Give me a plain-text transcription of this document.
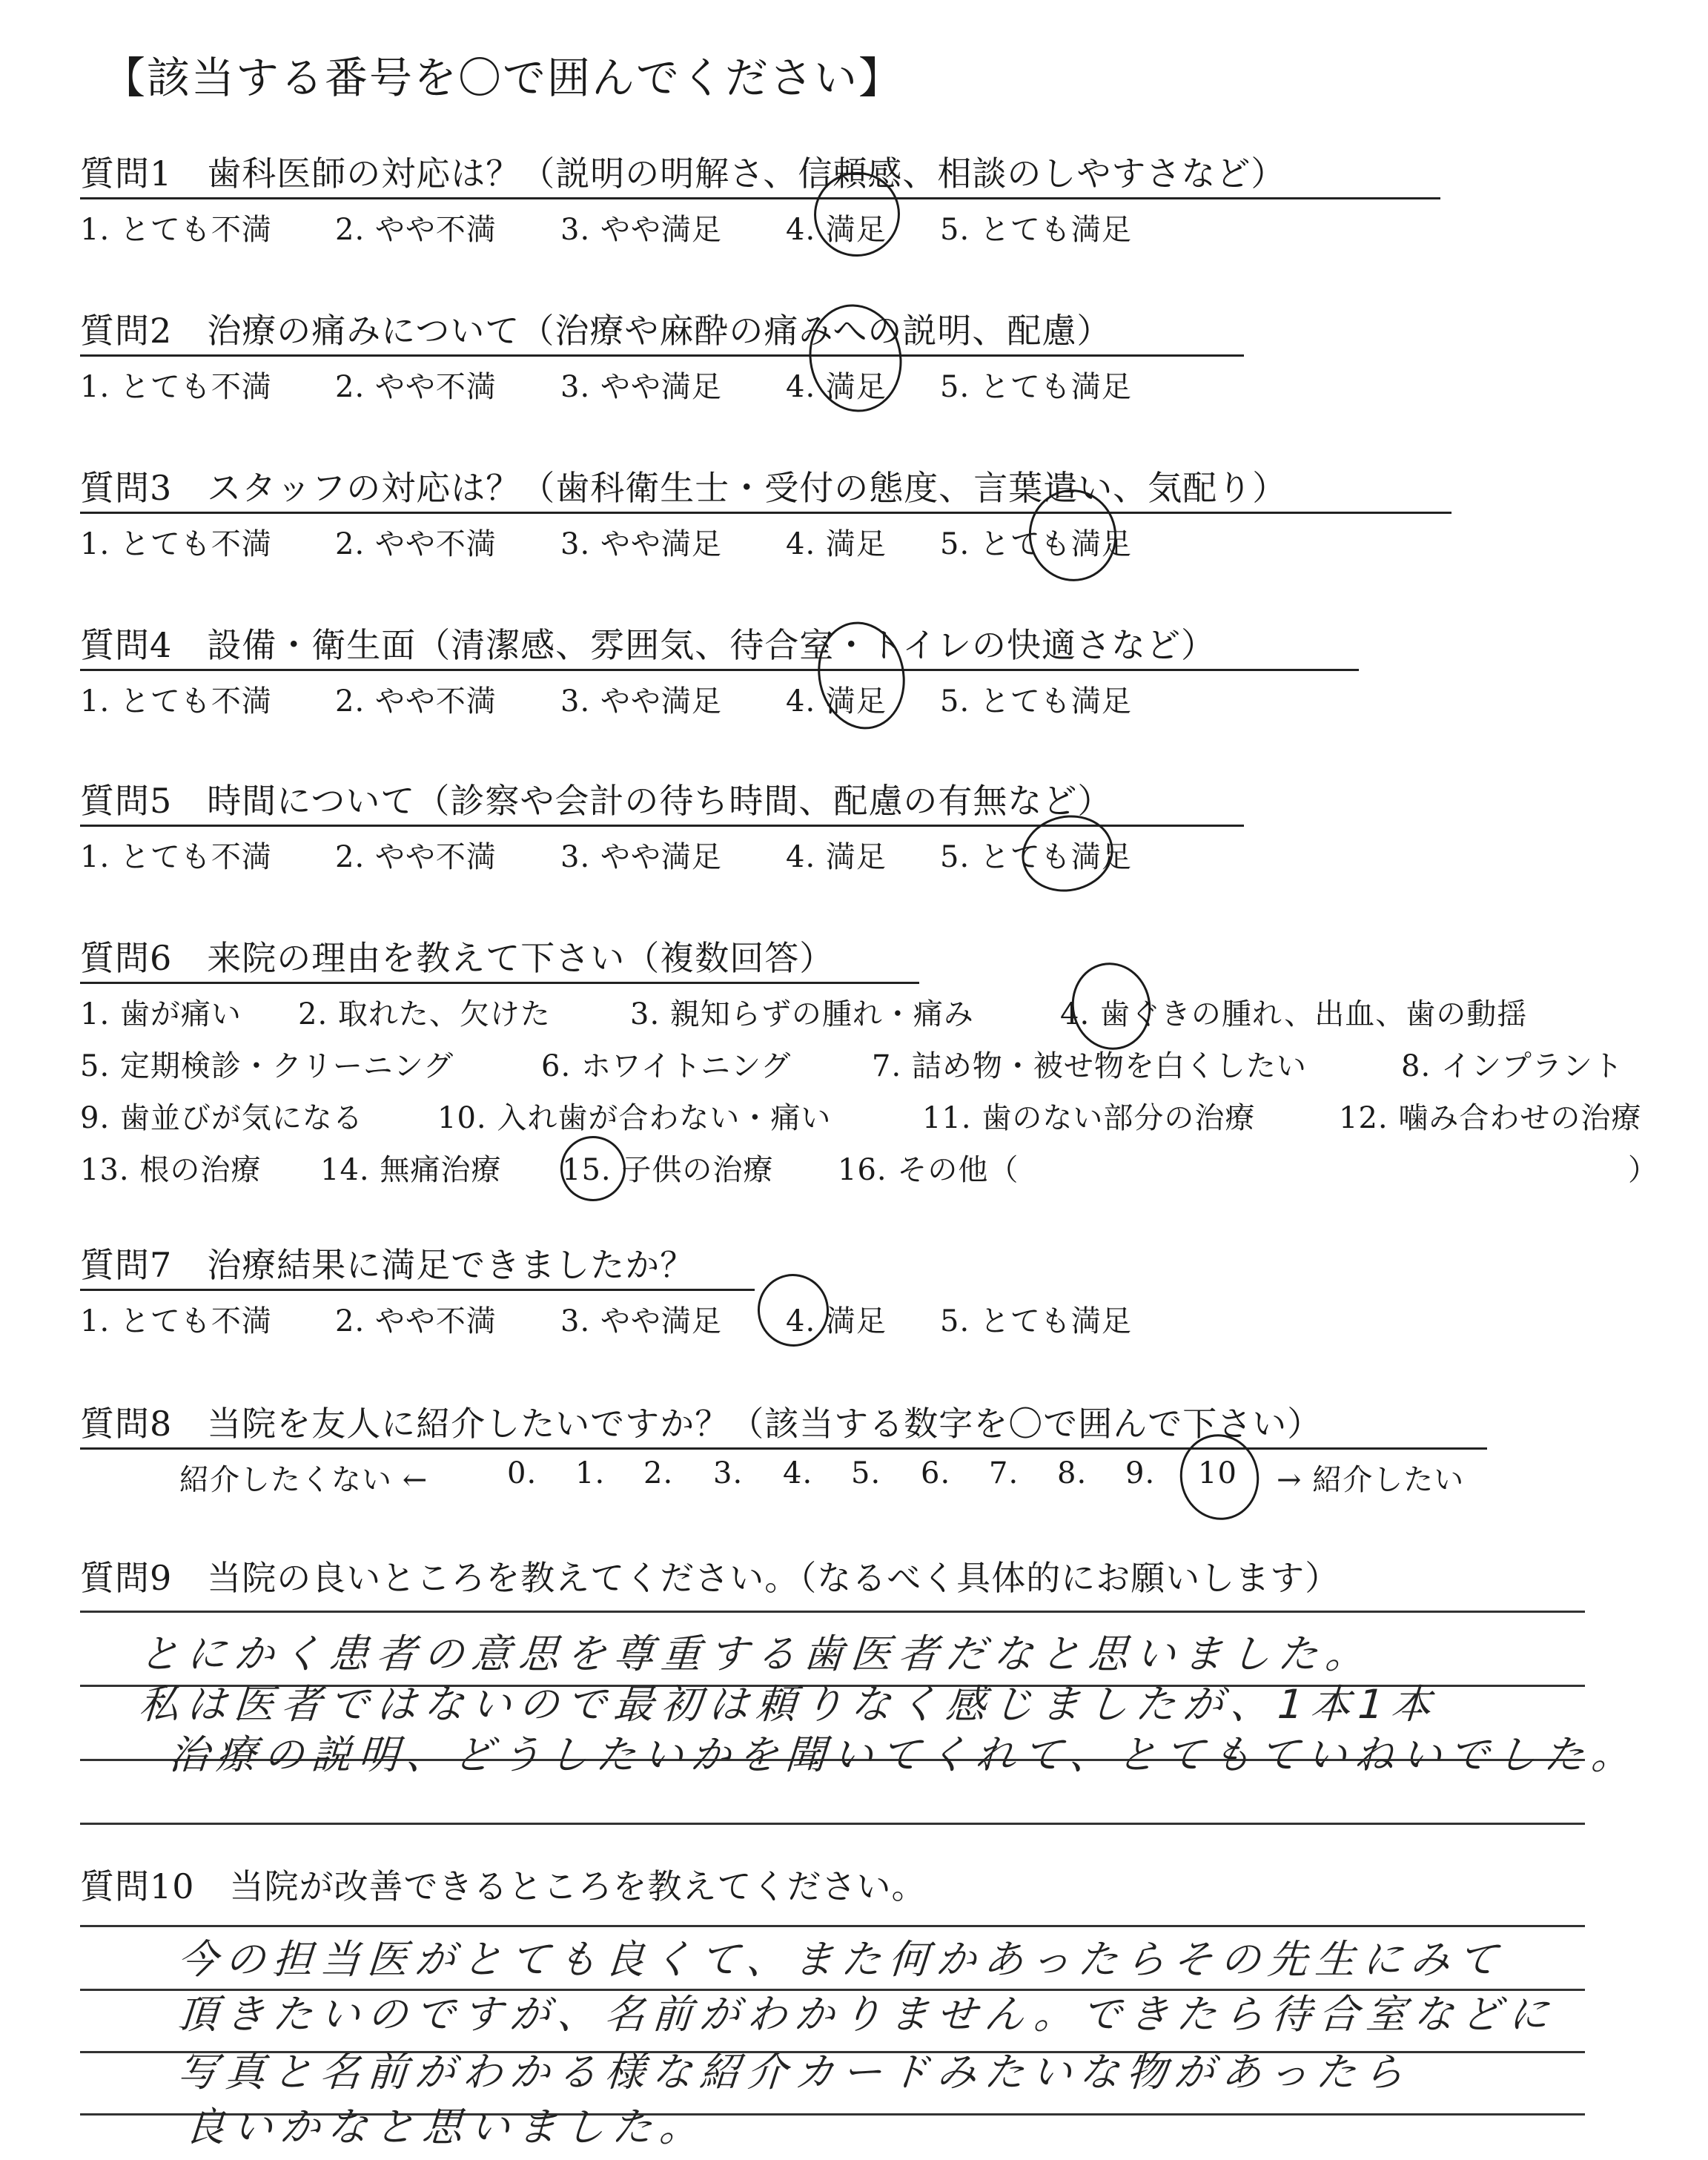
【該当する番号を〇で囲んでください】
質問1　歯科医師の対応は？（説明の明解さ、信頼感、相談のしやすさなど）
1. とても不満 2. やや不満 3. やや満足 4. 満足 5. とても満足
質問2　治療の痛みについて（治療や麻酔の痛みへの説明、配慮）
1. とても不満 2. やや不満 3. やや満足 4. 満足 5. とても満足
質問3　スタッフの対応は？（歯科衛生士・受付の態度、言葉遣い、気配り）
1. とても不満 2. やや不満 3. やや満足 4. 満足 5. とても満足
質問4　設備・衛生面（清潔感、雰囲気、待合室・トイレの快適さなど）
1. とても不満 2. やや不満 3. やや満足 4. 満足 5. とても満足
質問5　時間について（診察や会計の待ち時間、配慮の有無など）
1. とても不満 2. やや不満 3. やや満足 4. 満足 5. とても満足
質問6　来院の理由を教えて下さい（複数回答）
1. 歯が痛い 2. 取れた、欠けた	3. 親知らずの腫れ・痛み	4. 歯ぐきの腫れ、出血、歯の動揺
5. 定期検診・クリーニング	6. ホワイトニング	7. 詰め物・被せ物を白くしたい	8. インプラント
9. 歯並びが気になる	10. 入れ歯が合わない・痛い	11. 歯のない部分の治療	12. 噛み合わせの治療
13. 根の治療 14. 無痛治療 15. 子供の治療 16. その他（	）
質問7　治療結果に満足できましたか？
1. とても不満 2. やや不満 3. やや満足 4. 満足 5. とても満足
質問8　当院を友人に紹介したいですか？（該当する数字を〇で囲んで下さい）
紹介したくない ←	0. 1. 2. 3. 4. 5. 6. 7. 8. 9. 10 → 紹介したい
質問9　当院の良いところを教えてください。（なるべく具体的にお願いします）
とにかく患者の意思を尊重する歯医者だなと思いました。
私は医者ではないので最初は頼りなく感じましたが、1本1本
治療の説明、どうしたいかを聞いてくれて、とてもていねいでした。
質問10　当院が改善できるところを教えてください。
今の担当医がとても良くて、また何かあったらその先生にみて
頂きたいのですが、名前がわかりません。できたら待合室などに
写真と名前がわかる様な紹介カードみたいな物があったら
良いかなと思いました。
